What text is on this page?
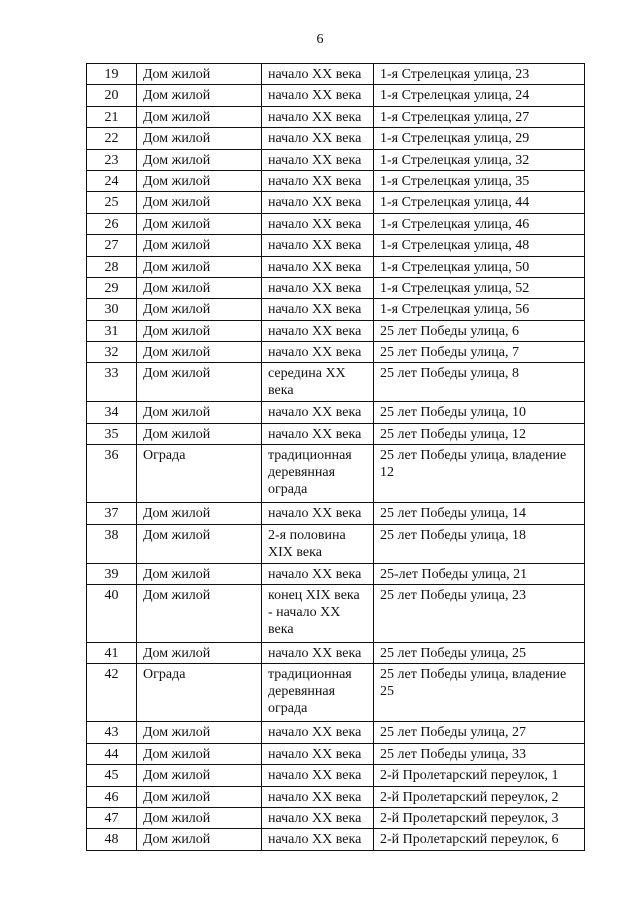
6
19	Дом жилой	начало XX века	1-я Стрелецкая улица, 23
20	Дом жилой	начало XX века	1-я Стрелецкая улица, 24
21	Дом жилой	начало XX века	1-я Стрелецкая улица, 27
22	Дом жилой	начало XX века	1-я Стрелецкая улица, 29
23	Дом жилой	начало XX века	1-я Стрелецкая улица, 32
24	Дом жилой	начало XX века	1-я Стрелецкая улица, 35
25	Дом жилой	начало XX века	1-я Стрелецкая улица, 44
26	Дом жилой	начало XX века	1-я Стрелецкая улица, 46
27	Дом жилой	начало XX века	1-я Стрелецкая улица, 48
28	Дом жилой	начало XX века	1-я Стрелецкая улица, 50
29	Дом жилой	начало XX века	1-я Стрелецкая улица, 52
30	Дом жилой	начало XX века	1-я Стрелецкая улица, 56
31	Дом жилой	начало XX века	25 лет Победы улица, 6
32	Дом жилой	начало XX века	25 лет Победы улица, 7
33	Дом жилой	середина XX века	25 лет Победы улица, 8
34	Дом жилой	начало XX века	25 лет Победы улица, 10
35	Дом жилой	начало XX века	25 лет Победы улица, 12
36	Ограда	традиционная деревянная ограда	25 лет Победы улица, владение 12
37	Дом жилой	начало XX века	25 лет Победы улица, 14
38	Дом жилой	2-я половина XIX века	25 лет Победы улица, 18
39	Дом жилой	начало XX века	25-лет Победы улица, 21
40	Дом жилой	конец XIX века - начало XX века	25 лет Победы улица, 23
41	Дом жилой	начало XX века	25 лет Победы улица, 25
42	Ограда	традиционная деревянная ограда	25 лет Победы улица, владение 25
43	Дом жилой	начало XX века	25 лет Победы улица, 27
44	Дом жилой	начало XX века	25 лет Победы улица, 33
45	Дом жилой	начало XX века	2-й Пролетарский переулок, 1
46	Дом жилой	начало XX века	2-й Пролетарский переулок, 2
47	Дом жилой	начало XX века	2-й Пролетарский переулок, 3
48	Дом жилой	начало XX века	2-й Пролетарский переулок, 6
